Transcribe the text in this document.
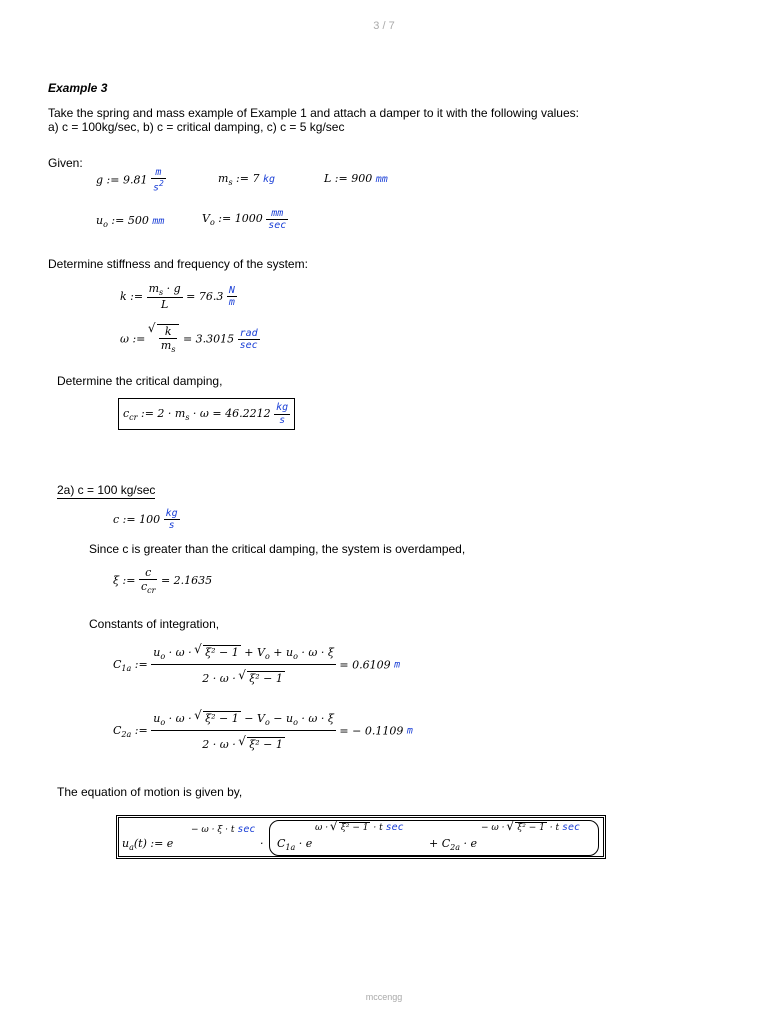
3 / 7
mccengg
Example 3
Take the spring and mass example of Example 1 and attach a damper to it with the following values:
a) c = 100kg/sec, b) c = critical damping, c) c = 5 kg/sec
Given:
g := $9.81 \frac{m}{s^2}$	$m_s$ := 7 kg	L := 900 mm
$u_o$ := 500 mm	$V_o$ := $1000 \frac{mm}{\sec}$
Determine stiffness and frequency of the system:
k := $\frac{m_s \cdot g}{L} = 76.3 \frac{N}{m}$
ω :=
√ $\frac{k}{m_s} = 3.3015 \frac{\text{rad}}{\sec}$
Determine the critical damping,
$c_{cr}$ := $2 \cdot m_s \cdot \omega = 46.2212 \frac{kg}{s}$
2a) c = 100 kg/sec
c := $100 \frac{kg}{s}$
Since c is greater than the critical damping, the system is overdamped,
ξ := $\frac{c}{c_{cr}} = 2.1635$
Constants of integration,
$C_{1a}$ := $\frac{u_o \cdot \omega \cdot √ \xi^2 - 1 + V_o + u_o \cdot \omega \cdot \xi}{\text{2 · ω · √ ξ² − 1}} = 0.6109$ m
$C_{2a}$ := $\frac{u_o \cdot \omega \cdot √ \xi^2 - 1 - V_o - u_o \cdot \omega \cdot \xi}{\text{2 · ω · √ ξ² − 1}}$ = − 0.1109 m
The equation of motion is given by,
$u_a(t)$ := e
− ω · ξ · t sec
· $C_{1a} \cdot e$
ω · √ ξ² − 1 · t sec
+ $C_{2a} \cdot e$
− ω · √ ξ² − 1 · t sec
